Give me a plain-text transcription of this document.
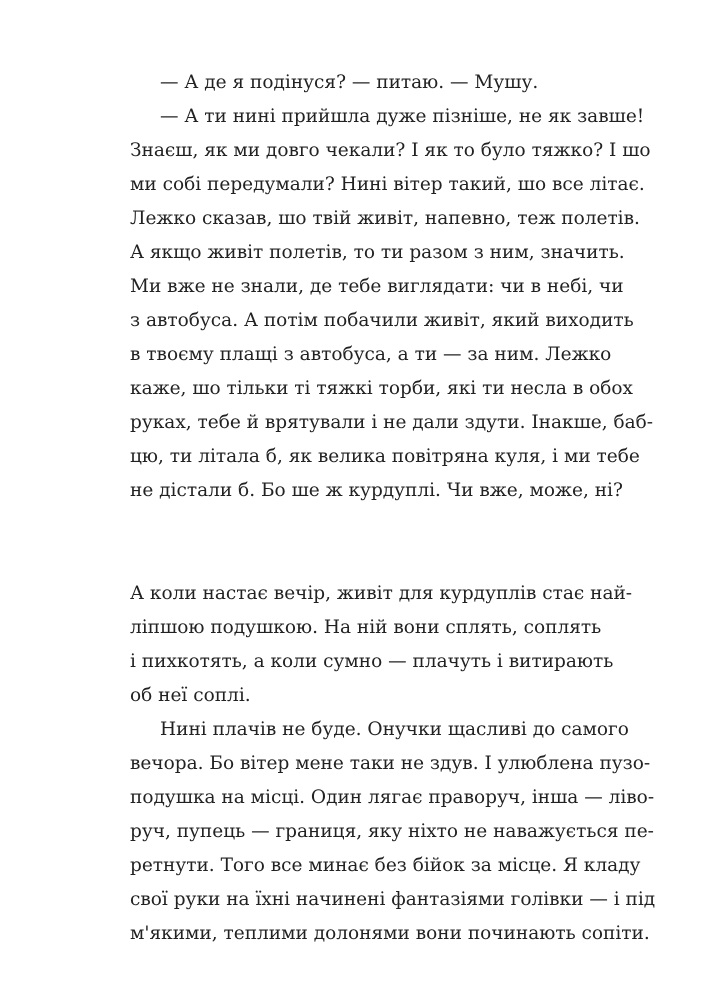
— А де я подінуся? — питаю. — Мушу.
— А ти нині прийшла дуже пізніше, не як завше!
Знаєш, як ми довго чекали? І як то було тяжко? І шо
ми собі передумали? Нині вітер такий, шо все літає.
Лежко сказав, шо твій живіт, напевно, теж полетів.
А якщо живіт полетів, то ти разом з ним, значить.
Ми вже не знали, де тебе виглядати: чи в небі, чи
з автобуса. А потім побачили живіт, який виходить
в твоєму плащі з автобуса, а ти — за ним. Лежко
каже, шо тільки ті тяжкі торби, які ти несла в обох
руках, тебе й врятували і не дали здути. Інакше, баб-
цю, ти літала б, як велика повітряна куля, і ми тебе
не дістали б. Бо ше ж курдуплі. Чи вже, може, ні?
А коли настає вечір, живіт для курдуплів стає най-
ліпшою подушкою. На ній вони сплять, соплять
і пихкотять, а коли сумно — плачуть і витирають
об неї соплі.
Нині плачів не буде. Онучки щасливі до самого
вечора. Бо вітер мене таки не здув. І улюблена пузо-
подушка на місці. Один лягає праворуч, інша — ліво-
руч, пупець — границя, яку ніхто не наважується пе-
ретнути. Того все минає без бійок за місце. Я кладу
свої руки на їхні начинені фантазіями голівки — і під
м'якими, теплими долонями вони починають сопіти.
